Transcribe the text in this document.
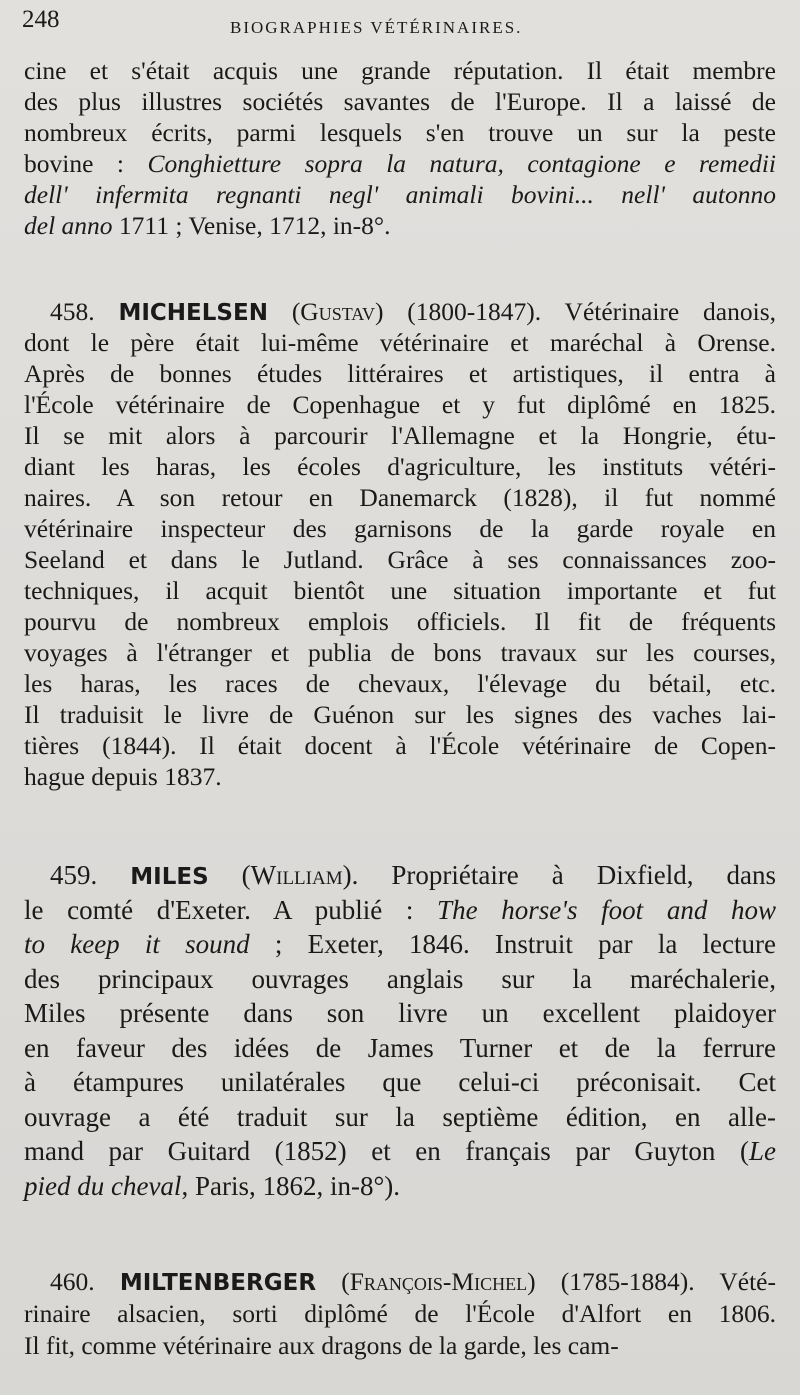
248	BIOGRAPHIES VÉTÉRINAIRES.
cine et s'était acquis une grande réputation. Il était membre
des plus illustres sociétés savantes de l'Europe. Il a laissé de
nombreux écrits, parmi lesquels s'en trouve un sur la peste
bovine : Conghietture sopra la natura, contagione e remedii
dell' infermita regnanti negl' animali bovini... nell' autonno
del anno 1711 ; Venise, 1712, in-8°.
458. MICHELSEN (Gustav) (1800-1847). Vétérinaire danois,
dont le père était lui-même vétérinaire et maréchal à Orense.
Après de bonnes études littéraires et artistiques, il entra à
l'École vétérinaire de Copenhague et y fut diplômé en 1825.
Il se mit alors à parcourir l'Allemagne et la Hongrie, étu-
diant les haras, les écoles d'agriculture, les instituts vétéri-
naires. A son retour en Danemarck (1828), il fut nommé
vétérinaire inspecteur des garnisons de la garde royale en
Seeland et dans le Jutland. Grâce à ses connaissances zoo-
techniques, il acquit bientôt une situation importante et fut
pourvu de nombreux emplois officiels. Il fit de fréquents
voyages à l'étranger et publia de bons travaux sur les courses,
les haras, les races de chevaux, l'élevage du bétail, etc.
Il traduisit le livre de Guénon sur les signes des vaches lai-
tières (1844). Il était docent à l'École vétérinaire de Copen-
hague depuis 1837.
459. MILES (William). Propriétaire à Dixfield, dans
le comté d'Exeter. A publié : The horse's foot and how
to keep it sound ; Exeter, 1846. Instruit par la lecture
des principaux ouvrages anglais sur la maréchalerie,
Miles présente dans son livre un excellent plaidoyer
en faveur des idées de James Turner et de la ferrure
à étampures unilatérales que celui-ci préconisait. Cet
ouvrage a été traduit sur la septième édition, en alle-
mand par Guitard (1852) et en français par Guyton (Le
pied du cheval, Paris, 1862, in-8°).
460. MILTENBERGER (François-Michel) (1785-1884). Vété-
rinaire alsacien, sorti diplômé de l'École d'Alfort en 1806.
Il fit, comme vétérinaire aux dragons de la garde, les cam-
